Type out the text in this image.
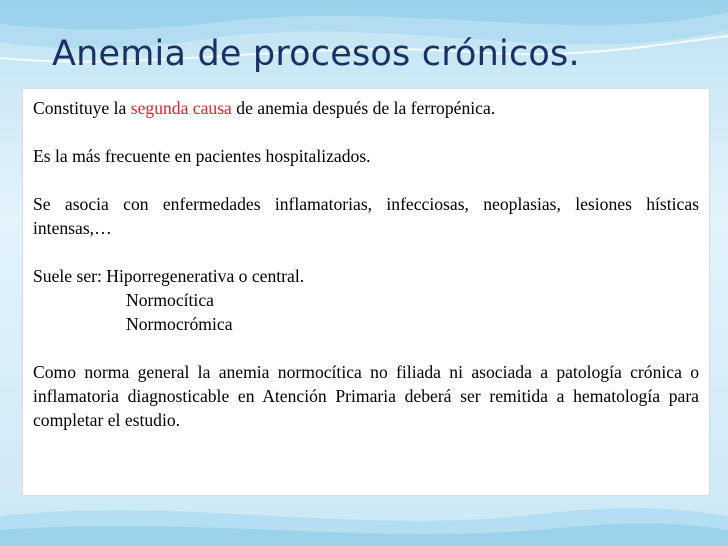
Anemia de procesos crónicos.

Constituye la segunda causa de anemia después de la ferropénica.

Es la más frecuente en pacientes hospitalizados.

Se asocia con enfermedades inflamatorias, infecciosas, neoplasias, lesiones hísticas intensas,…

Suele ser: Hiporregenerativa o central.

Normocítica

Normocrómica

Como norma general la anemia normocítica no filiada ni asociada a patología crónica o inflamatoria diagnosticable en Atención Primaria deberá ser remitida a hematología para completar el estudio.
